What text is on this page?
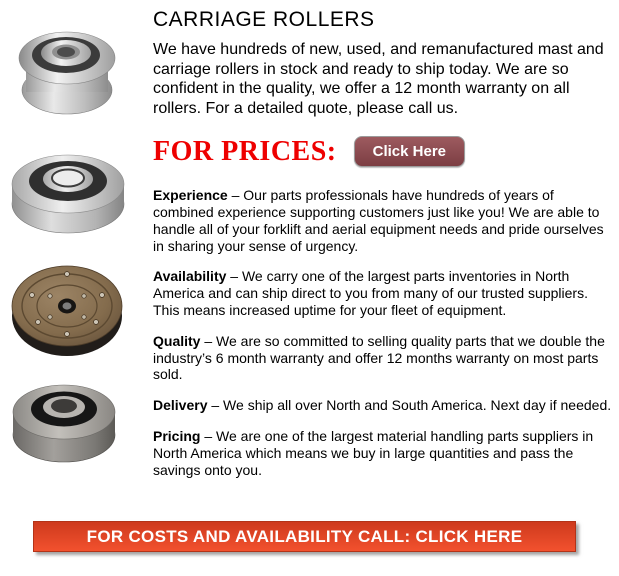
CARRIAGE ROLLERS
We have hundreds of new, used, and remanufactured mast and carriage rollers in stock and ready to ship today. We are so confident in the quality, we offer a 12 month warranty on all rollers. For a detailed quote, please call us.
FOR PRICES:	Click Here
Experience – Our parts professionals have hundreds of years of combined experience supporting customers just like you! We are able to handle all of your forklift and aerial equipment needs and pride ourselves in sharing your sense of urgency.
Availability – We carry one of the largest parts inventories in North America and can ship direct to you from many of our trusted suppliers. This means increased uptime for your fleet of equipment.
Quality – We are so committed to selling quality parts that we double the industry’s 6 month warranty and offer 12 months warranty on most parts sold.
Delivery – We ship all over North and South America. Next day if needed.
Pricing – We are one of the largest material handling parts suppliers in North America which means we buy in large quantities and pass the savings onto you.
FOR COSTS AND AVAILABILITY CALL: CLICK HERE
